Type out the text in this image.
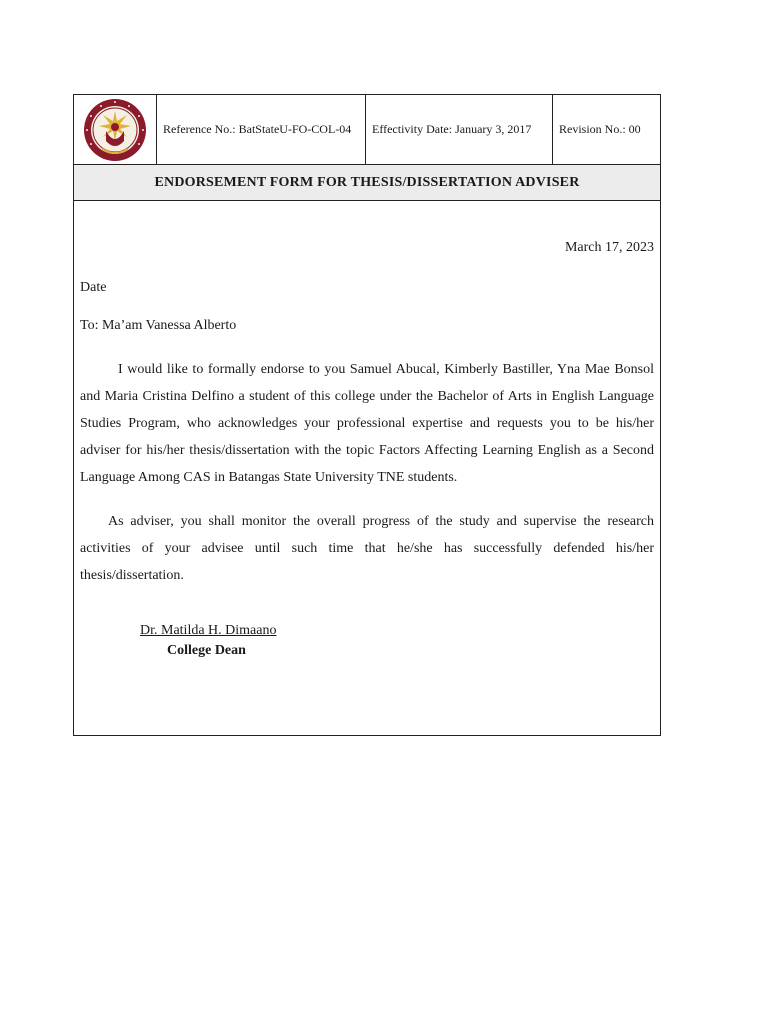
Reference No.: BatStateU-FO-COL-04	Effectivity Date: January 3, 2017	Revision No.: 00
ENDORSEMENT FORM FOR THESIS/DISSERTATION ADVISER
March 17, 2023
Date
To: Ma’am Vanessa Alberto

I would like to formally endorse to you Samuel Abucal, Kimberly Bastiller, Yna Mae Bonsol and Maria Cristina Delfino a student of this college under the Bachelor of Arts in English Language Studies Program, who acknowledges your professional expertise and requests you to be his/her adviser for his/her thesis/dissertation with the topic Factors Affecting Learning English as a Second Language Among CAS in Batangas State University TNE students.

As adviser, you shall monitor the overall progress of the study and supervise the research activities of your advisee until such time that he/she has successfully defended his/her thesis/dissertation.

Dr. Matilda H. Dimaano
College Dean
